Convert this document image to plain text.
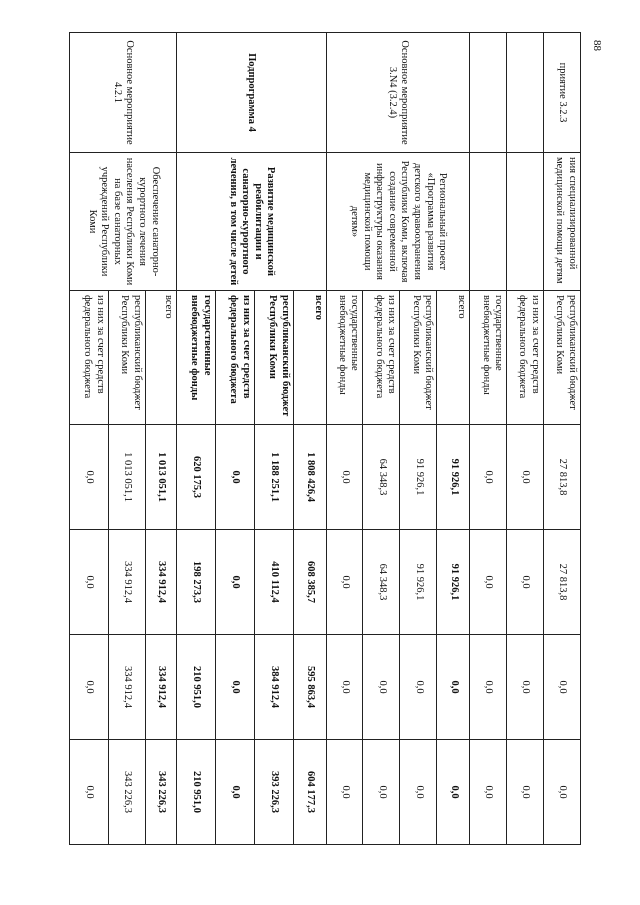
88
приятие 3.2.3	ния специализированной медицинской помощи детям	республиканский бюджет Республики Коми	27 813,8	27 813,8	0,0	0,0
		из них за счет средств федерального бюджета	0,0	0,0	0,0	0,0
		государственные внебюджетные фонды	0,0	0,0	0,0	0,0
Основное мероприятие 3.N4 (3.2.4)	Региональный проект «Программа развития детского здравоохранения Республики Коми, включая создание современной инфраструктуры оказания медицинской помощи детям»	всего	91 926,1	91 926,1	0,0	0,0
		республиканский бюджет Республики Коми	91 926,1	91 926,1	0,0	0,0
		из них за счет средств федерального бюджета	64 348,3	64 348,3	0,0	0,0
		государственные внебюджетные фонды	0,0	0,0	0,0	0,0
Подпрограмма 4	Развитие медицинской реабилитации и санаторно-курортного лечения, в том числе детей	всего	1 808 426,4	608 385,7	595 863,4	604 177,3
		республиканский бюджет Республики Коми	1 188 251,1	410 112,4	384 912,4	393 226,3
		из них за счет средств федерального бюджета	0,0	0,0	0,0	0,0
		государственные внебюджетные фонды	620 175,3	198 273,3	210 951,0	210 951,0
Основное мероприятие 4.2.1	Обеспечение санаторно-курортного лечения населения Республики Коми на базе санаторных учреждений Республики Коми	всего	1 013 051,1	334 912,4	334 912,4	343 226,3
		республиканский бюджет Республики Коми	1 013 051,1	334 912,4	334 912,4	343 226,3
		из них за счет средств федерального бюджета	0,0	0,0	0,0	0,0
